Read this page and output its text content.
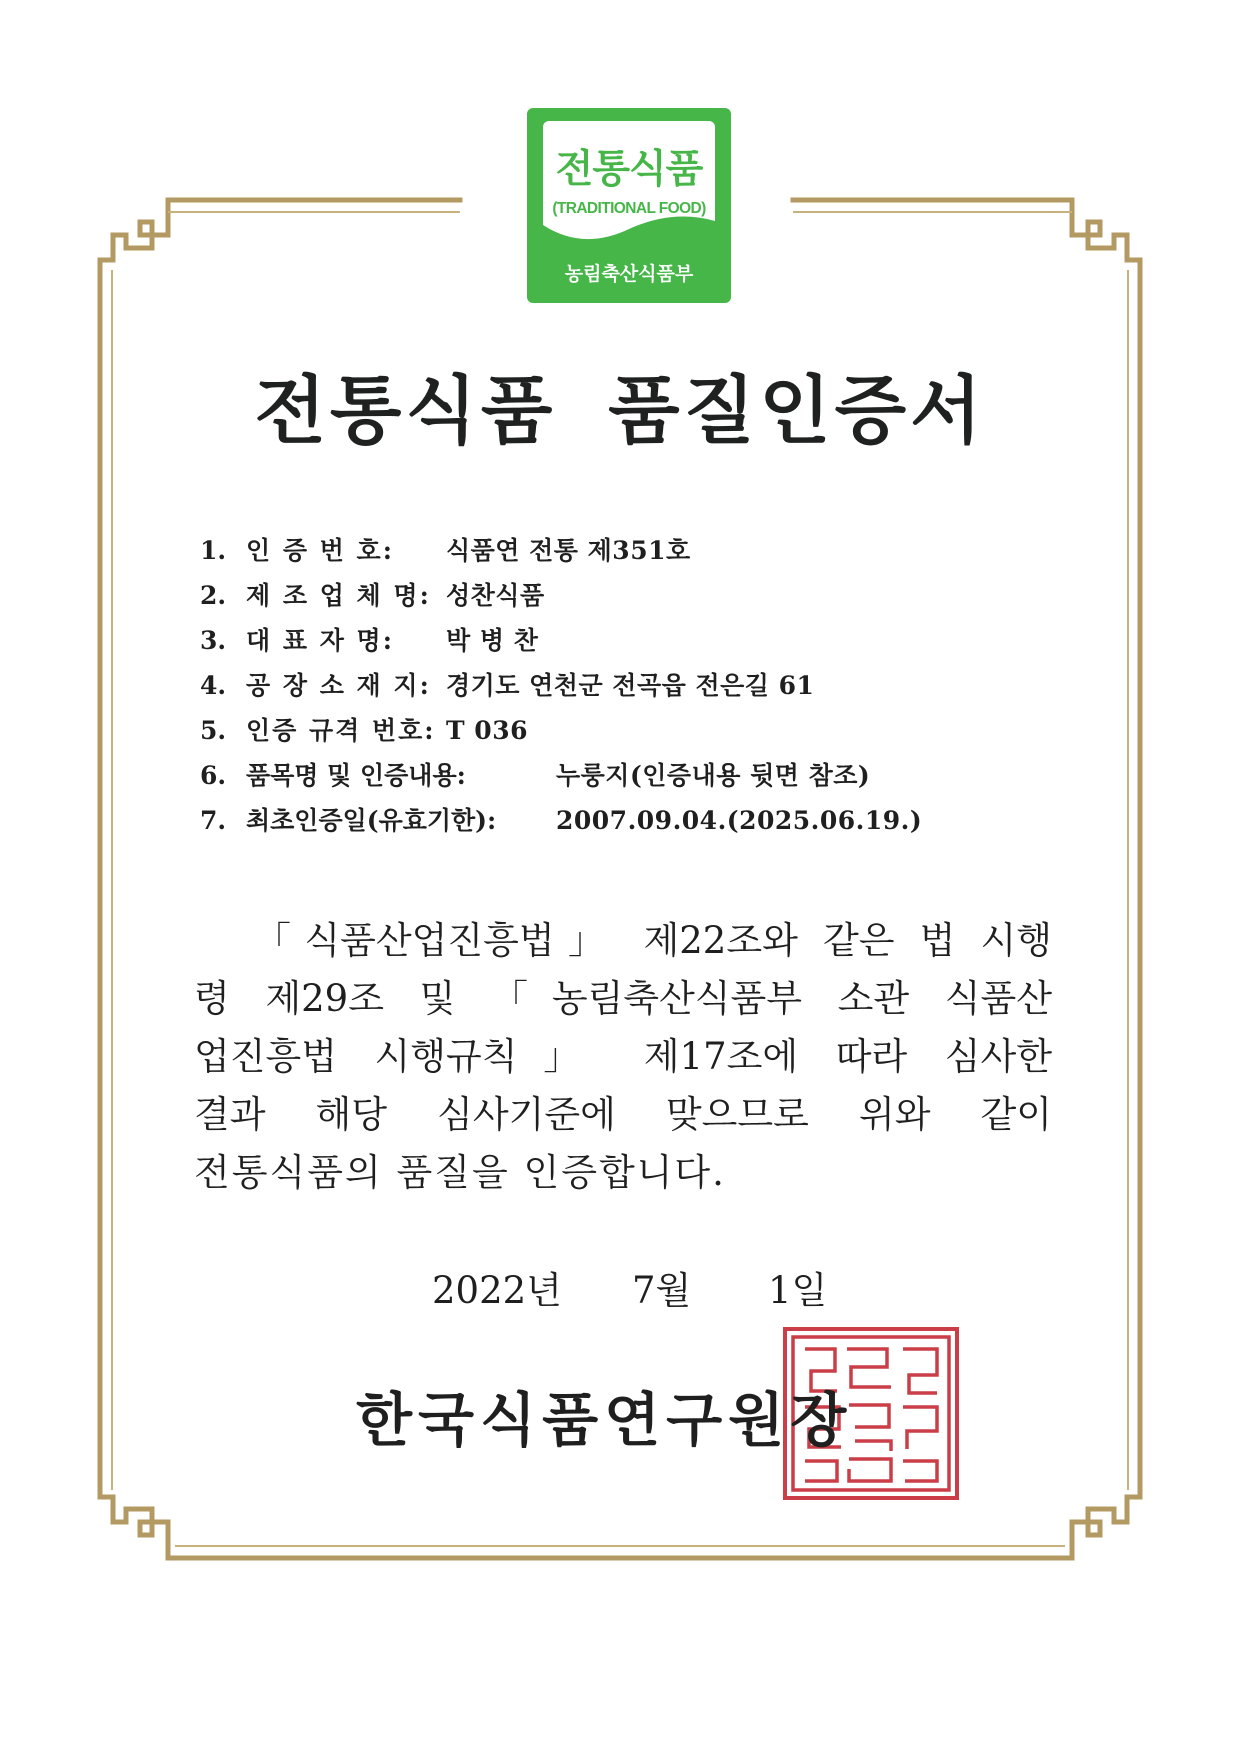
전통식품
(TRADITIONAL FOOD)
농림축산식품부
전통식품 품질인증서
1. 인 증 번 호:	식품연 전통 제351호
2. 제 조 업 체 명: 성찬식품
3. 대 표 자 명:	박 병 찬
4. 공 장 소 재 지: 경기도 연천군 전곡읍 전은길 61
5. 인증 규격 번호: T 036
6. 품목명 및 인증내용:	누룽지(인증내용 뒷면 참조)
7. 최초인증일(유효기한):	2007.09.04.(2025.06.19.)
「식품산업진흥법」 제22조와 같은 법 시행
령 제29조 및 「농림축산식품부 소관 식품산
업진흥법 시행규칙」 제17조에 따라 심사한
결과 해당 심사기준에 맞으므로 위와 같이
전통식품의 품질을 인증합니다.
2022년 7월 1일
한국식품연구원장
